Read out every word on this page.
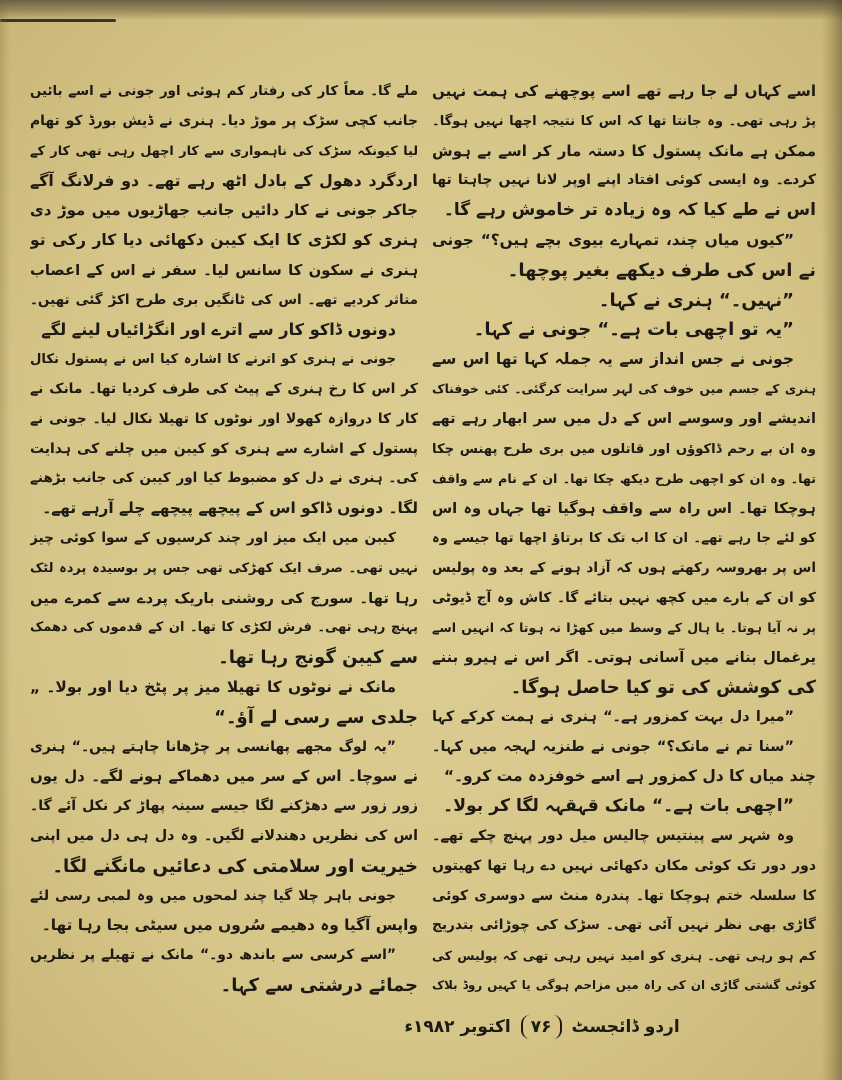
اسے کہاں لے جا رہے تھے اسے پوچھنے کی ہمت نہیں
پڑ رہی تھی۔ وہ جانتا تھا کہ اس کا نتیجہ اچھا نہیں ہوگا۔
ممکن ہے مانک پستول کا دستہ مار کر اسے بے ہوش
کردے۔ وہ ایسی کوئی افتاد اپنے اوپر لانا نہیں چاہتا تھا
اس نے طے کیا کہ وہ زیادہ تر خاموش رہے گا۔
”کیوں میاں چند، تمہارے بیوی بچے ہیں؟“ جونی
نے اس کی طرف دیکھے بغیر پوچھا۔
”نہیں۔“ ہنری نے کہا۔
”یہ تو اچھی بات ہے۔“ جونی نے کہا۔
جونی نے جس انداز سے یہ جملہ کہا تھا اس سے
ہنری کے جسم میں خوف کی لہر سرایت کرگئی۔ کئی خوفناک
اندیشے اور وسوسے اس کے دل میں سر ابھار رہے تھے
وہ ان بے رحم ڈاکوؤں اور قاتلوں میں بری طرح پھنس چکا
تھا۔ وہ ان کو اچھی طرح دیکھ چکا تھا۔ ان کے نام سے واقف
ہوچکا تھا۔ اس راہ سے واقف ہوگیا تھا جہاں وہ اس
کو لئے جا رہے تھے۔ ان کا اب تک کا برتاؤ اچھا تھا جیسے وہ
اس پر بھروسہ رکھتے ہوں کہ آزاد ہونے کے بعد وہ پولیس
کو ان کے بارے میں کچھ نہیں بتائے گا۔ کاش وہ آج ڈیوٹی
پر نہ آیا ہوتا۔ یا ہال کے وسط میں کھڑا نہ ہوتا کہ انہیں اسے
یرغمال بنانے میں آسانی ہوتی۔ اگر اس نے ہیرو بننے
کی کوشش کی تو کیا حاصل ہوگا۔
”میرا دل بہت کمزور ہے۔“ ہنری نے ہمت کرکے کہا
”سنا تم نے مانک؟“ جونی نے طنزیہ لہجہ میں کہا۔
چند میاں کا دل کمزور ہے اسے خوفزدہ مت کرو۔“
”اچھی بات ہے۔“ مانک قہقہہ لگا کر بولا۔
وہ شہر سے پینتیس چالیس میل دور پہنچ چکے تھے۔
دور دور تک کوئی مکان دکھائی نہیں دے رہا تھا کھیتوں
کا سلسلہ ختم ہوچکا تھا۔ پندرہ منٹ سے دوسری کوئی
گاڑی بھی نظر نہیں آئی تھی۔ سڑک کی چوڑائی بتدریج
کم ہو رہی تھی۔ ہنری کو امید نہیں رہی تھی کہ پولیس کی
کوئی گشتی گاڑی ان کی راہ میں مزاحم ہوگی یا کہیں روڈ بلاک
ملے گا۔ معاً کار کی رفتار کم ہوئی اور جونی نے اسے بائیں
جانب کچی سڑک پر موڑ دیا۔ ہنری نے ڈیش بورڈ کو تھام
لیا کیونکہ سڑک کی ناہمواری سے کار اچھل رہی تھی کار کے
اردگرد دھول کے بادل اٹھ رہے تھے۔ دو فرلانگ آگے
جاکر جونی نے کار دائیں جانب جھاڑیوں میں موڑ دی
ہنری کو لکڑی کا ایک کیبن دکھائی دیا کار رکی تو
ہنری نے سکون کا سانس لیا۔ سفر نے اس کے اعصاب
متاثر کردیے تھے۔ اس کی ٹانگیں بری طرح اکڑ گئی تھیں۔
دونوں ڈاکو کار سے اترے اور انگڑائیاں لینے لگے
جونی نے ہنری کو اترنے کا اشارہ کیا اس نے پستول نکال
کر اس کا رخ ہنری کے پیٹ کی طرف کردیا تھا۔ مانک نے
کار کا دروازہ کھولا اور نوٹوں کا تھیلا نکال لیا۔ جونی نے
پستول کے اشارے سے ہنری کو کیبن میں چلنے کی ہدایت
کی۔ ہنری نے دل کو مضبوط کیا اور کیبن کی جانب بڑھنے
لگا۔ دونوں ڈاکو اس کے پیچھے پیچھے چلے آرہے تھے۔
کیبن میں ایک میز اور چند کرسیوں کے سوا کوئی چیز
نہیں تھی۔ صرف ایک کھڑکی تھی جس پر بوسیدہ پردہ لٹک
رہا تھا۔ سورج کی روشنی باریک پردے سے کمرے میں
پہنچ رہی تھی۔ فرش لکڑی کا تھا۔ ان کے قدموں کی دھمک
سے کیبن گونج رہا تھا۔
مانک نے نوٹوں کا تھیلا میز پر پٹخ دیا اور بولا۔ „
جلدی سے رسی لے آؤ۔“
”یہ لوگ مجھے پھانسی پر چڑھانا چاہتے ہیں۔“ ہنری
نے سوچا۔ اس کے سر میں دھماکے ہونے لگے۔ دل یوں
زور زور سے دھڑکنے لگا جیسے سینہ پھاڑ کر نکل آئے گا۔
اس کی نظریں دھندلانے لگیں۔ وہ دل ہی دل میں اپنی
خیریت اور سلامتی کی دعائیں مانگنے لگا۔
جونی باہر چلا گیا چند لمحوں میں وہ لمبی رسی لئے
واپس آگیا وہ دھیمے سُروں میں سیٹی بجا رہا تھا۔
”اسے کرسی سے باندھ دو۔“ مانک نے تھیلے پر نظریں
جمائے درشتی سے کہا۔
اردو ڈائجسٹ
۷۶
اکتوبر ۱۹۸۲ء
